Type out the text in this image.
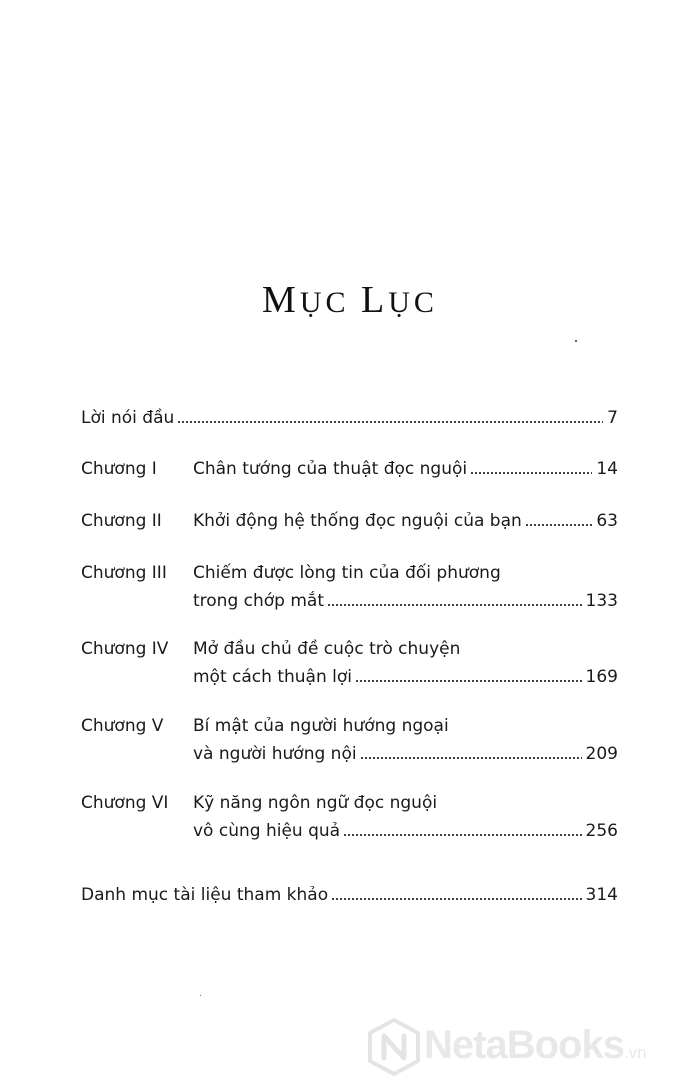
MỤC LỤC
Lời nói đầu	7
Chương I Chân tướng của thuật đọc nguội	14
Chương II Khởi động hệ thống đọc nguội của bạn	63
Chương III Chiếm được lòng tin của đối phương
trong chớp mắt	133
Chương IV Mở đầu chủ đề cuộc trò chuyện
một cách thuận lợi	169
Chương V Bí mật của người hướng ngoại
và người hướng nội	209
Chương VI Kỹ năng ngôn ngữ đọc nguội
vô cùng hiệu quả	256
Danh mục tài liệu tham khảo	314
NetaBooks.vn
